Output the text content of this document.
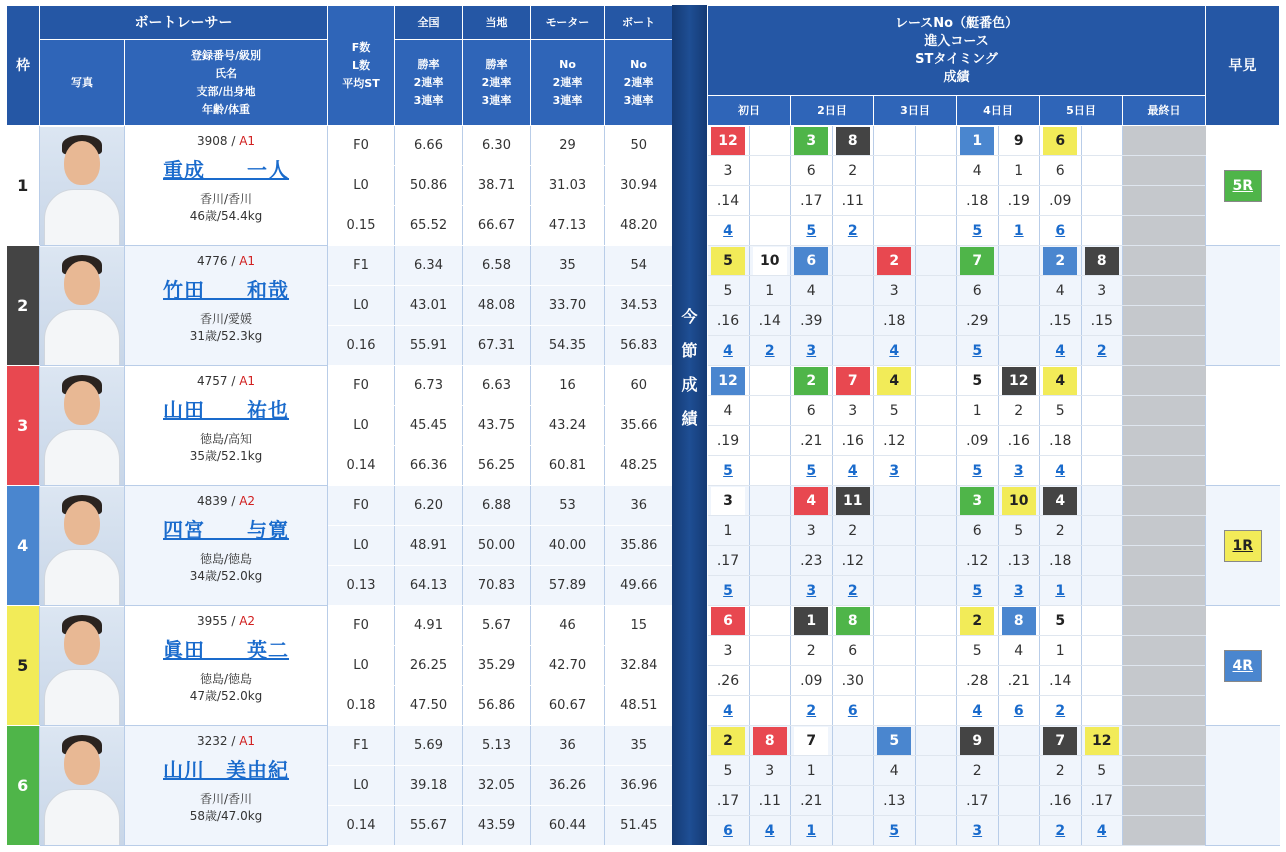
枠	ボートレーサー		F数
L数
平均ST	全国	当地	モーター	ボート
	写真	登録番号/級別
氏名
支部/出身地
年齢/体重		勝率
2連率
3連率	勝率
2連率
3連率	No
2連率
3連率	No
2連率
3連率
1		3908 / A1
重成　　一人
香川/香川
46歳/54.4kg	F0	6.66	6.30	29	50
			L0	50.86	38.71	31.03	30.94
			0.15	65.52	66.67	47.13	48.20
2		4776 / A1
竹田　　和哉
香川/愛媛
31歳/52.3kg	F1	6.34	6.58	35	54
			L0	43.01	48.08	33.70	34.53
			0.16	55.91	67.31	54.35	56.83
3		4757 / A1
山田　　祐也
徳島/高知
35歳/52.1kg	F0	6.73	6.63	16	60
			L0	45.45	43.75	43.24	35.66
			0.14	66.36	56.25	60.81	48.25
4		4839 / A2
四宮　　与寛
徳島/徳島
34歳/52.0kg	F0	6.20	6.88	53	36
			L0	48.91	50.00	40.00	35.86
			0.13	64.13	70.83	57.89	49.66
5		3955 / A2
眞田　　英二
徳島/徳島
47歳/52.0kg	F0	4.91	5.67	46	15
			L0	26.25	35.29	42.70	32.84
			0.18	47.50	56.86	60.67	48.51
6		3232 / A1
山川　美由紀
香川/香川
58歳/47.0kg	F1	5.69	5.13	36	35
			L0	39.18	32.05	36.26	36.96
			0.14	55.67	43.59	60.44	51.45
今
節
成
績
レースNo（艇番色）
進入コース
STタイミング
成績												早見
初日		2日目		3日目		4日目		5日目		最終日		
12		3	8			1	9	6				5R
3		6	2			4	1	6				
.14		.17	.11			.18	.19	.09				
4		5	2			5	1	6				
5	10	6		2		7		2	8			
5	1	4		3		6		4	3			
.16	.14	.39		.18		.29		.15	.15			
4	2	3		4		5		4	2			
12		2	7	4		5	12	4				
4		6	3	5		1	2	5				
.19		.21	.16	.12		.09	.16	.18				
5		5	4	3		5	3	4				
3		4	11			3	10	4				1R
1		3	2			6	5	2				
.17		.23	.12			.12	.13	.18				
5		3	2			5	3	1				
6		1	8			2	8	5				4R
3		2	6			5	4	1				
.26		.09	.30			.28	.21	.14				
4		2	6			4	6	2				
2	8	7		5		9		7	12			
5	3	1		4		2		2	5			
.17	.11	.21		.13		.17		.16	.17			
6	4	1		5		3		2	4			
